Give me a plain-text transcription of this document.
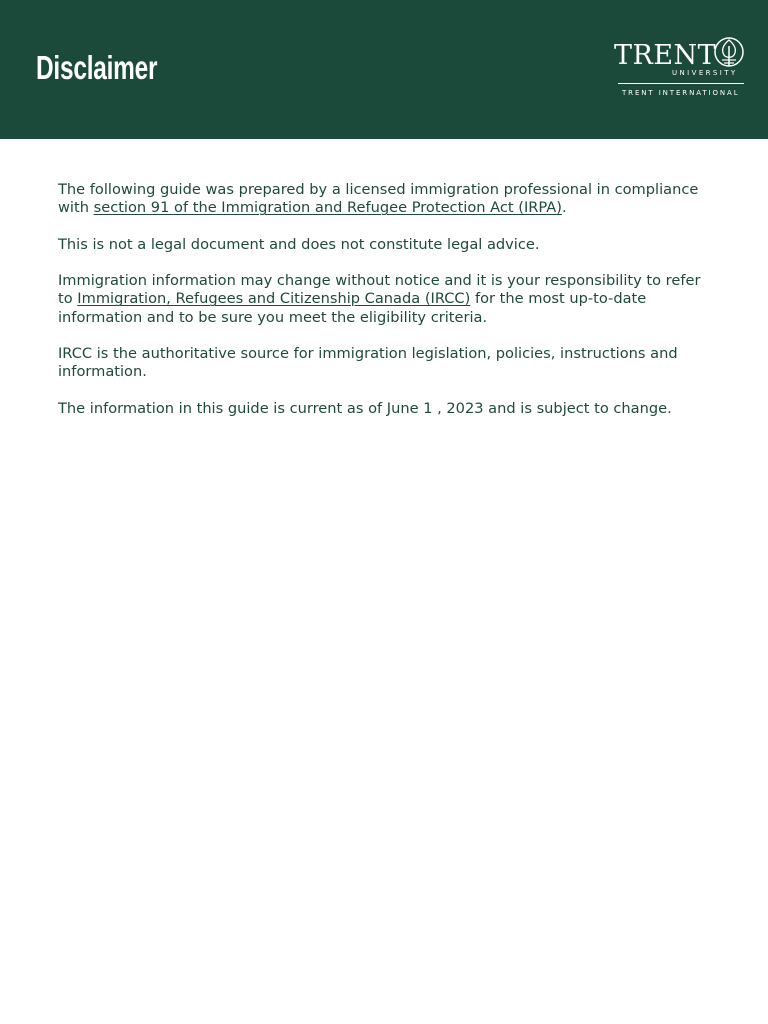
Disclaimer	TRENT
UNIVERSITY
TRENT INTERNATIONAL

The following guide was prepared by a licensed immigration professional in compliance with section 91 of the Immigration and Refugee Protection Act (IRPA).

This is not a legal document and does not constitute legal advice.

Immigration information may change without notice and it is your responsibility to refer to Immigration, Refugees and Citizenship Canada (IRCC) for the most up-to-date information and to be sure you meet the eligibility criteria.

IRCC is the authoritative source for immigration legislation, policies, instructions and information.

The information in this guide is current as of June 1 , 2023 and is subject to change.
